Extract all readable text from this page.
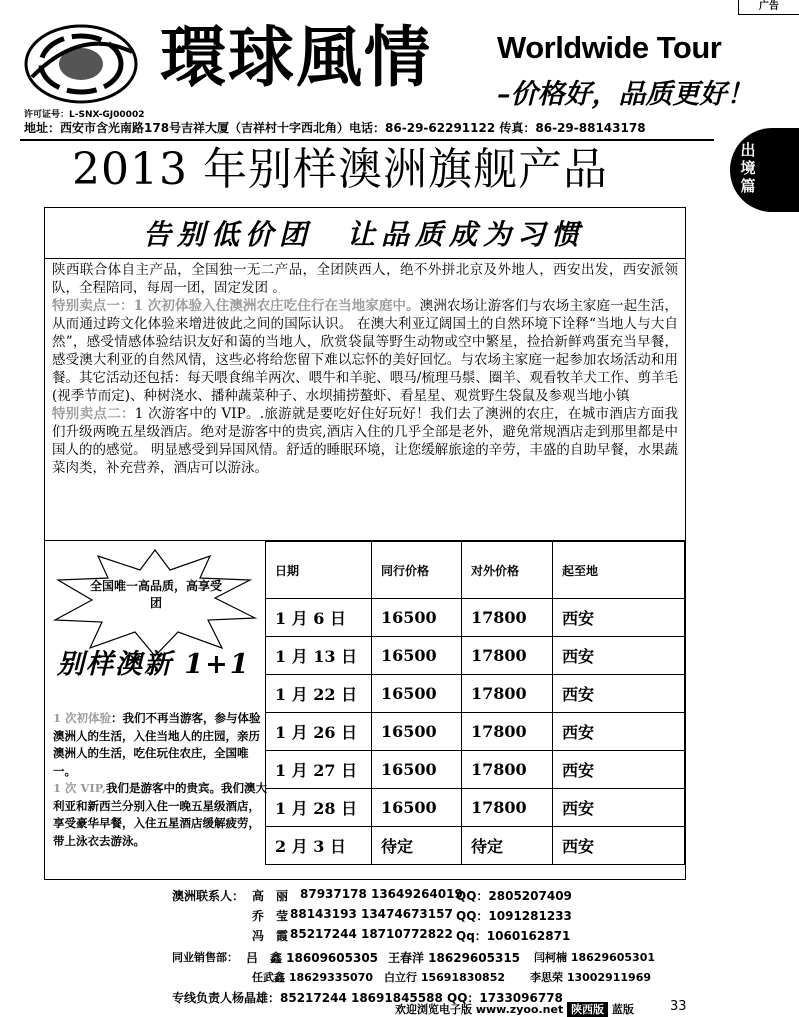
广告
環球風情 Worldwide Tour
–价格好，品质更好！
许可证号：L-SNX-GJ00002
地址：西安市含光南路178号吉祥大厦（吉祥村十字西北角）电话：86-29-62291122 传真：86-29-88143178
出境篇
2013 年别样澳洲旗舰产品
告别低价团　让品质成为习惯
陕西联合体自主产品，全国独一无二产品，全团陕西人，绝不外拼北京及外地人，西安出发，西安派领队，全程陪同，每周一团，固定发团 。
特别卖点一：1 次初体验入住澳洲农庄吃住行在当地家庭中。澳洲农场让游客们与农场主家庭一起生活，从而通过跨文化体验来增进彼此之间的国际认识。 在澳大利亚辽阔国土的自然环境下诠释“当地人与大自然”，感受情感体验结识友好和蔼的当地人，欣赏袋鼠等野生动物或空中繁星，捡拾新鲜鸡蛋充当早餐，感受澳大利亚的自然风情，这些必将给您留下难以忘怀的美好回忆。与农场主家庭一起参加农场活动和用餐。其它活动还包括：每天喂食绵羊两次、喂牛和羊驼、喂马/梳理马鬃、圈羊、观看牧羊犬工作、剪羊毛(视季节而定)、种树浇水、播种蔬菜种子、水坝捕捞螯虾、看星星、观赏野生袋鼠及参观当地小镇
特别卖点二：1 次游客中的 VIP。.旅游就是要吃好住好玩好！我们去了澳洲的农庄，在城市酒店方面我们升级两晚五星级酒店。绝对是游客中的贵宾,酒店入住的几乎全部是老外，避免常规酒店走到那里都是中国人的的感觉。 明显感受到异国风情。舒适的睡眠环境，让您缓解旅途的辛劳，丰盛的自助早餐，水果蔬菜肉类，补充营养，酒店可以游泳。
全国唯一高品质，高享受团
别样澳新 1+1
1 次初体验：我们不再当游客，参与体验澳洲人的生活，入住当地人的庄园，亲历澳洲人的生活，吃住玩住农庄，全国唯一。
1 次 VIP,我们是游客中的贵宾。我们澳大利亚和新西兰分别入住一晚五星级酒店，享受豪华早餐，入住五星酒店缓解疲劳，带上泳衣去游泳。
日期	同行价格	对外价格	起至地
1 月 6 日	16500	17800	西安
1 月 13 日	16500	17800	西安
1 月 22 日	16500	17800	西安
1 月 26 日	16500	17800	西安
1 月 27 日	16500	17800	西安
1 月 28 日	16500	17800	西安
2 月 3 日	待定	待定	西安
澳洲联系人： 高　丽 87937178 13649264019
QQ：2805207409
乔　莹 88143193 13474673157 QQ：1091281233
冯　霞 85217244 18710772822 Qq：1060162871
同业销售部： 吕　鑫 18609605305 王春洋 18629605315 闫柯楠 18629605301
任武鑫 18629335070 白立行 15691830852 李思荣 13002911969
专线负责人杨晶雄：85217244 18691845588 QQ：1733096778
欢迎浏览电子版 www.zyoo.net 陕西版 蓝版	33
